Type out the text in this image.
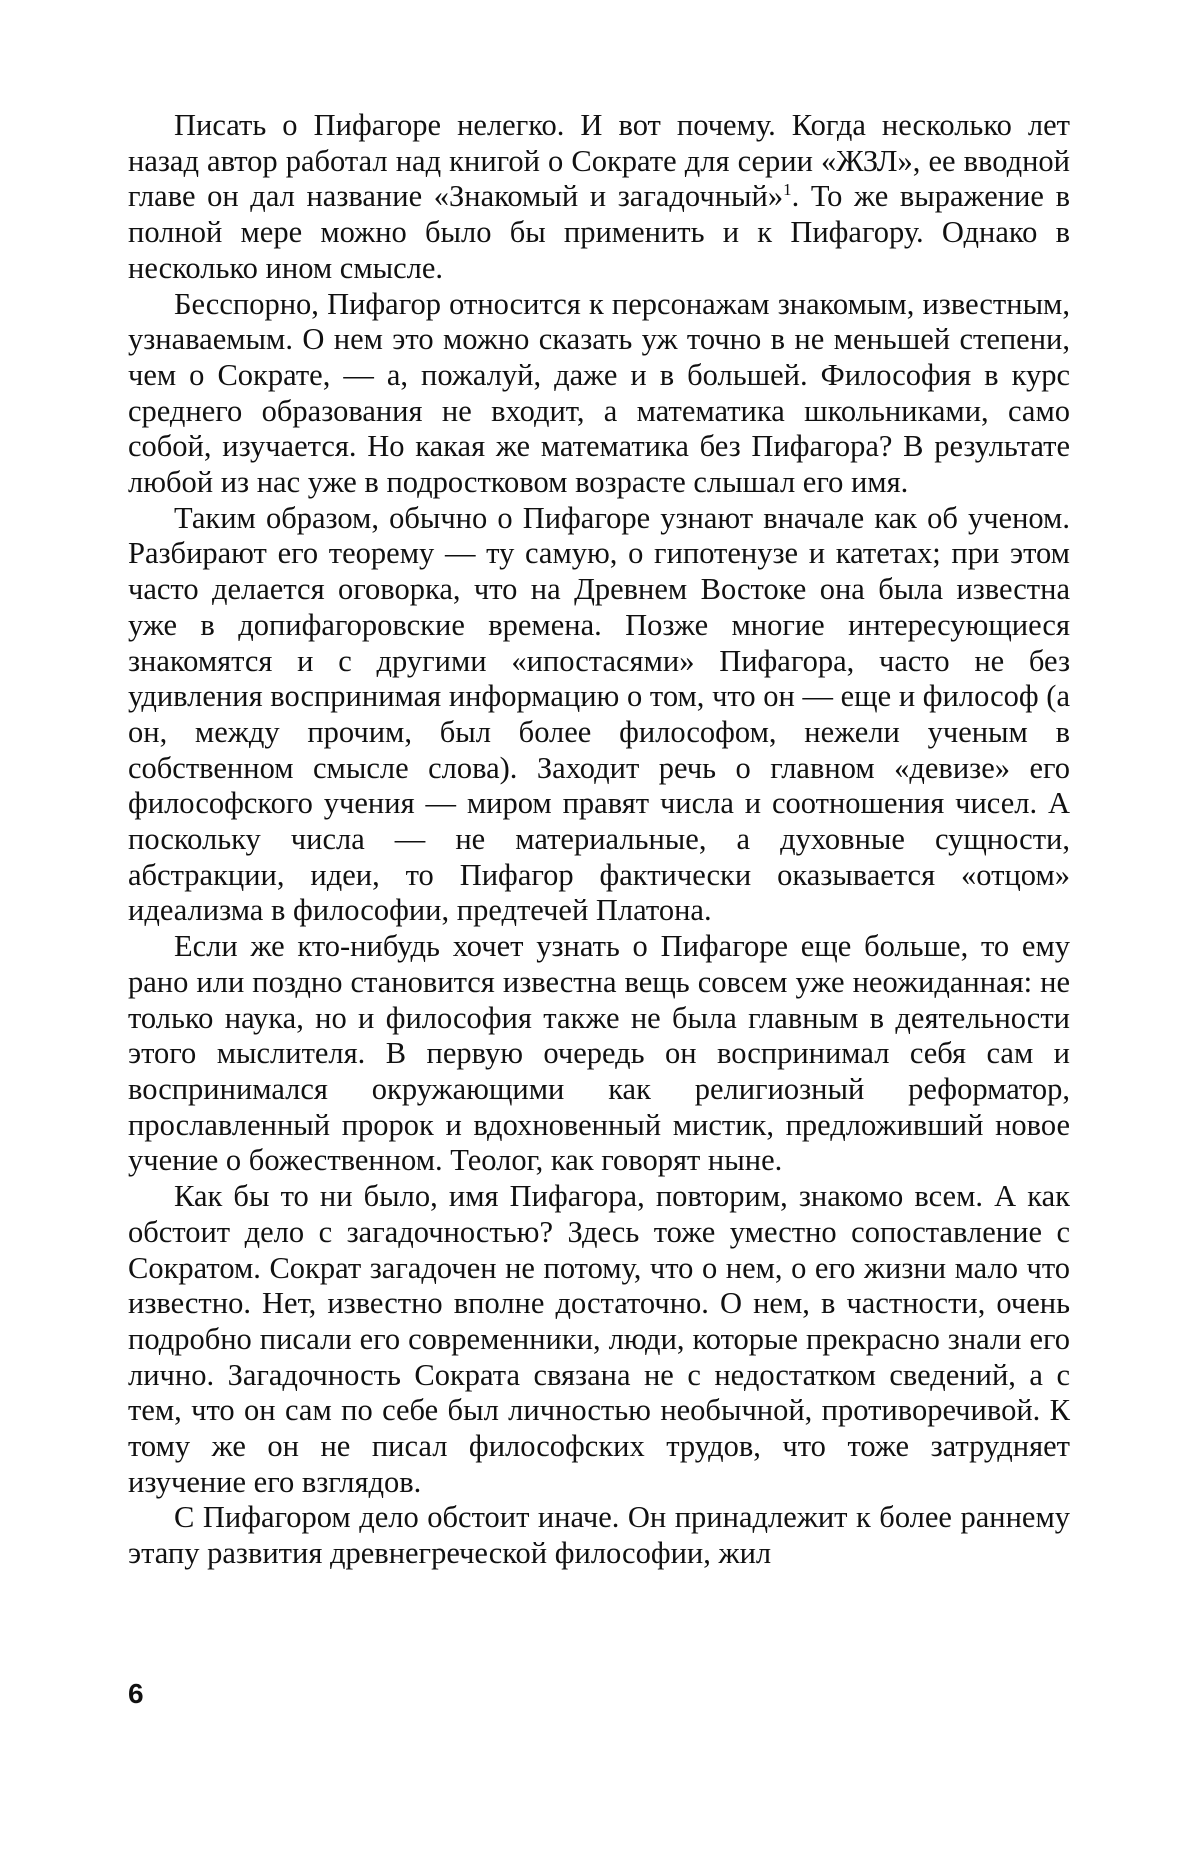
Писать о Пифагоре нелегко. И вот почему. Когда несколько лет назад автор работал над книгой о Сократе для серии «ЖЗЛ», ее вводной главе он дал название «Знакомый и загадочный»$^1$. То же выражение в полной мере можно было бы применить и к Пифагору. Однако в несколько ином смысле.

Бесспорно, Пифагор относится к персонажам знакомым, известным, узнаваемым. О нем это можно сказать уж точно в не меньшей степени, чем о Сократе, — а, пожалуй, даже и в большей. Философия в курс среднего образования не входит, а математика школьниками, само собой, изучается. Но какая же математика без Пифагора? В результате любой из нас уже в подростковом возрасте слышал его имя.

Таким образом, обычно о Пифагоре узнают вначале как об ученом. Разбирают его теорему — ту самую, о гипотенузе и катетах; при этом часто делается оговорка, что на Древнем Востоке она была известна уже в допифагоровские времена. Позже многие интересующиеся знакомятся и с другими «ипостасями» Пифагора, часто не без удивления воспринимая информацию о том, что он — еще и философ (а он, между прочим, был более философом, нежели ученым в собственном смысле слова). Заходит речь о главном «девизе» его философского учения — миром правят числа и соотношения чисел. А поскольку числа — не материальные, а духовные сущности, абстракции, идеи, то Пифагор фактически оказывается «отцом» идеализма в философии, предтечей Платона.

Если же кто-нибудь хочет узнать о Пифагоре еще больше, то ему рано или поздно становится известна вещь совсем уже неожиданная: не только наука, но и философия также не была главным в деятельности этого мыслителя. В первую очередь он воспринимал себя сам и воспринимался окружающими как религиозный реформатор, прославленный пророк и вдохновенный мистик, предложивший новое учение о божественном. Теолог, как говорят ныне.

Как бы то ни было, имя Пифагора, повторим, знакомо всем. А как обстоит дело с загадочностью? Здесь тоже уместно сопоставление с Сократом. Сократ загадочен не потому, что о нем, о его жизни мало что известно. Нет, известно вполне достаточно. О нем, в частности, очень подробно писали его современники, люди, которые прекрасно знали его лично. Загадочность Сократа связана не с недостатком сведений, а с тем, что он сам по себе был личностью необычной, противоречивой. К тому же он не писал философских трудов, что тоже затрудняет изучение его взглядов.

С Пифагором дело обстоит иначе. Он принадлежит к более раннему этапу развития древнегреческой философии, жил

6
